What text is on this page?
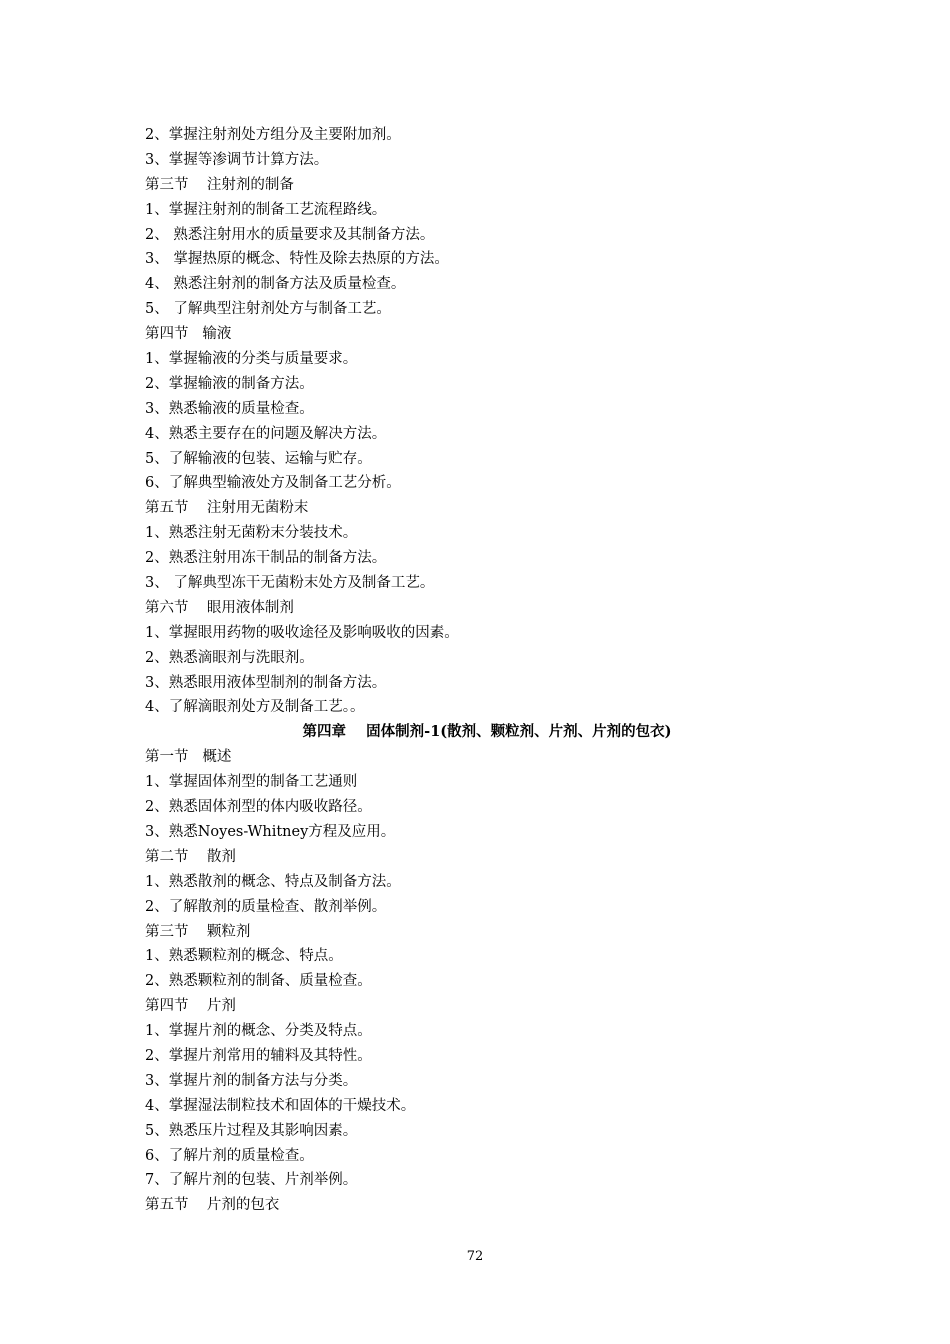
2、掌握注射剂处方组分及主要附加剂。
3、掌握等渗调节计算方法。
第三节    注射剂的制备
1、掌握注射剂的制备工艺流程路线。
2、 熟悉注射用水的质量要求及其制备方法。
3、 掌握热原的概念、特性及除去热原的方法。
4、 熟悉注射剂的制备方法及质量检查。
5、 了解典型注射剂处方与制备工艺。
第四节   输液
1、掌握输液的分类与质量要求。
2、掌握输液的制备方法。
3、熟悉输液的质量检查。
4、熟悉主要存在的问题及解决方法。
5、了解输液的包装、运输与贮存。
6、了解典型输液处方及制备工艺分析。
第五节    注射用无菌粉末
1、熟悉注射无菌粉末分装技术。
2、熟悉注射用冻干制品的制备方法。
3、 了解典型冻干无菌粉末处方及制备工艺。
第六节    眼用液体制剂
1、掌握眼用药物的吸收途径及影响吸收的因素。
2、熟悉滴眼剂与洗眼剂。
3、熟悉眼用液体型制剂的制备方法。
4、了解滴眼剂处方及制备工艺。。
第四章    固体制剂-1(散剂、颗粒剂、片剂、片剂的包衣)
第一节   概述
1、掌握固体剂型的制备工艺通则
2、熟悉固体剂型的体内吸收路径。
3、熟悉Noyes-Whitney方程及应用。
第二节    散剂
1、熟悉散剂的概念、特点及制备方法。
2、了解散剂的质量检查、散剂举例。
第三节    颗粒剂
1、熟悉颗粒剂的概念、特点。
2、熟悉颗粒剂的制备、质量检查。
第四节    片剂
1、掌握片剂的概念、分类及特点。
2、掌握片剂常用的辅料及其特性。
3、掌握片剂的制备方法与分类。
4、掌握湿法制粒技术和固体的干燥技术。
5、熟悉压片过程及其影响因素。
6、了解片剂的质量检查。
7、了解片剂的包装、片剂举例。
第五节    片剂的包衣
72
